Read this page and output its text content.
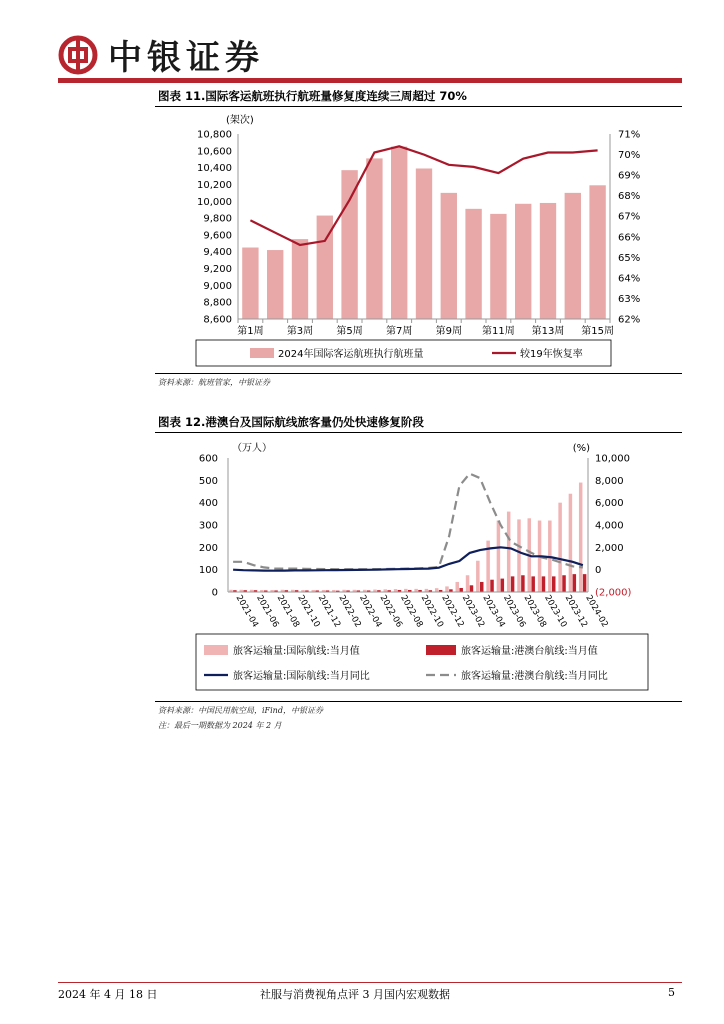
中银证券
图表 11.国际客运航班执行航班量修复度连续三周超过 70%
(架次)
8,600
8,800
9,000
9,200
9,400
9,600
9,800
10,000
10,200
10,400
10,600
10,800
62%
63%
64%
65%
66%
67%
68%
69%
70%
71%
第1周 第3周 第5周 第7周 第9周 第11周 第13周 第15周
2024年国际客运航班执行航班量	较19年恢复率
资料来源：航班管家，中银证券
图表 12.港澳台及国际航线旅客量仍处快速修复阶段
（万人）	(%)
0
100
200
300
400
500
600
(2,000)
0
2,000
4,000
6,000
8,000
10,000
2021-04
2021-06
2021-08
2021-10
2021-12
2022-02
2022-04
2022-06
2022-08
2022-10
2022-12
2023-02
2023-04
2023-06
2023-08
2023-10
2023-12
2024-02
旅客运输量:国际航线:当月值	旅客运输量:港澳台航线:当月值
旅客运输量:国际航线:当月同比	旅客运输量:港澳台航线:当月同比
资料来源：中国民用航空局，iFind，中银证券
注：最后一期数据为 2024 年 2 月
2024 年 4 月 18 日	社服与消费视角点评 3 月国内宏观数据	5
